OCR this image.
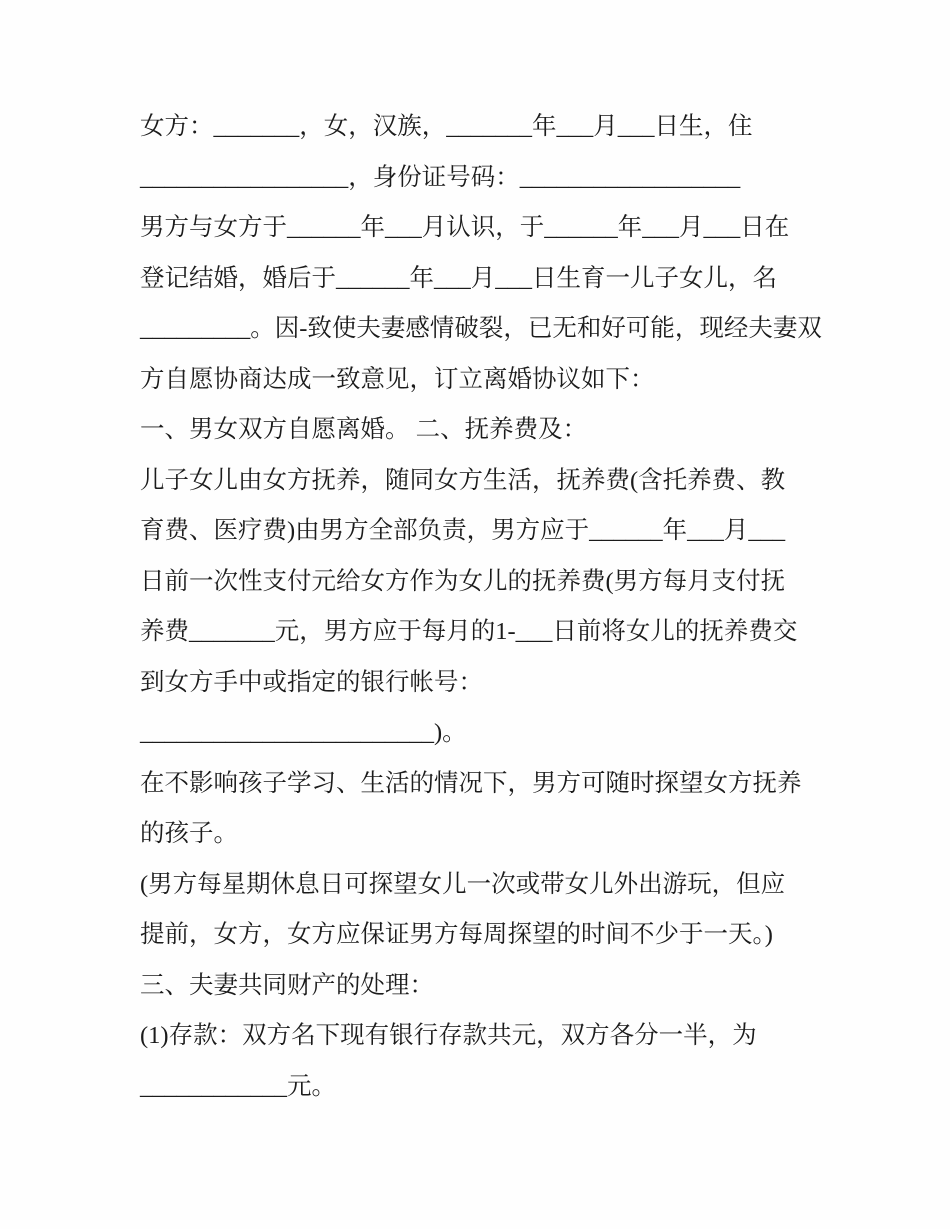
女方：_______，女，汉族，_______年___月___日生，住

_________________，身份证号码：__________________

男方与女方于______年___月认识，于______年___月___日在

登记结婚，婚后于______年___月___日生育一儿子女儿，名

_________。因-致使夫妻感情破裂，已无和好可能，现经夫妻双

方自愿协商达成一致意见，订立离婚协议如下：

一、男女双方自愿离婚。 二、抚养费及：

儿子女儿由女方抚养，随同女方生活，抚养费(含托养费、教

育费、医疗费)由男方全部负责，男方应于______年___月___

日前一次性支付元给女方作为女儿的抚养费(男方每月支付抚

养费_______元，男方应于每月的1-___日前将女儿的抚养费交

到女方手中或指定的银行帐号：

________________________)。

在不影响孩子学习、生活的情况下，男方可随时探望女方抚养

的孩子。

(男方每星期休息日可探望女儿一次或带女儿外出游玩，但应

提前，女方，女方应保证男方每周探望的时间不少于一天。)

三、夫妻共同财产的处理：

(1)存款：双方名下现有银行存款共元，双方各分一半，为

____________元。
